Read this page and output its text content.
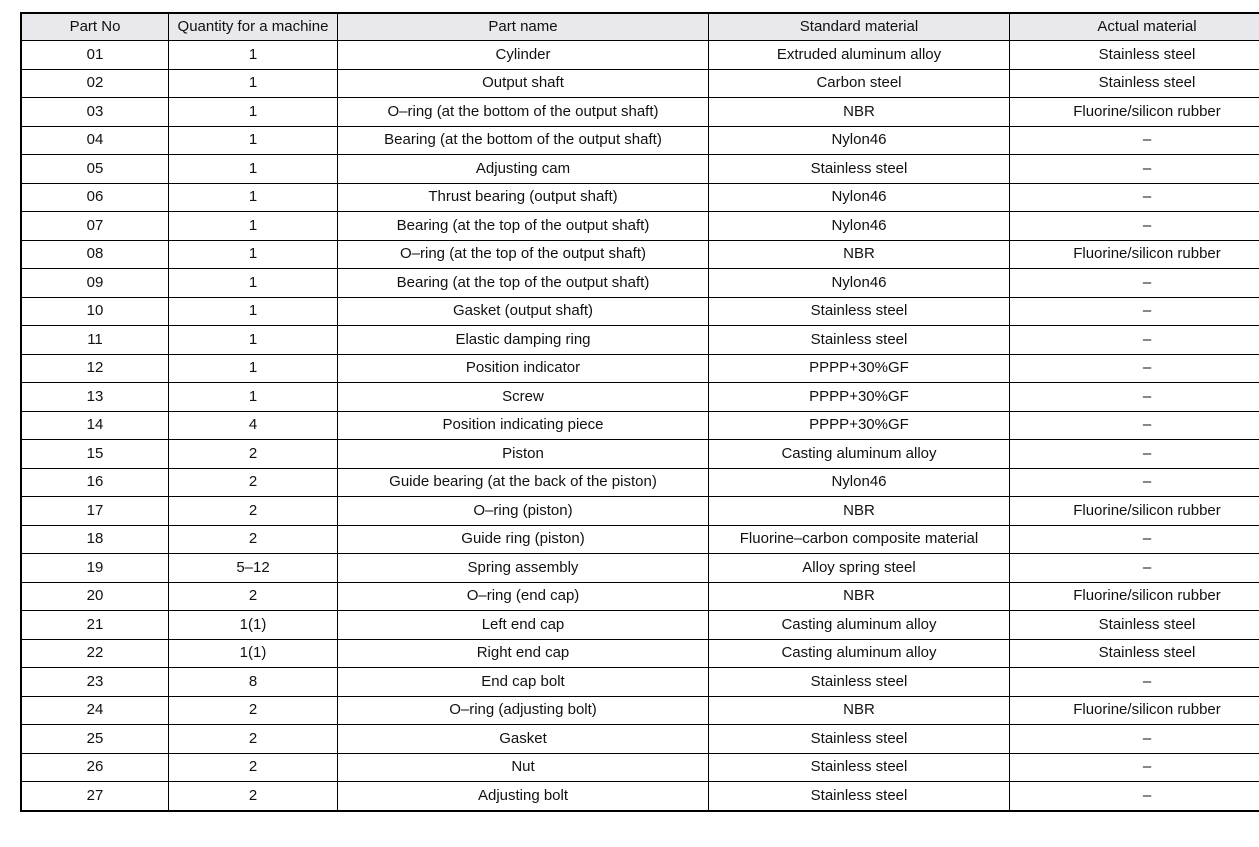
Part No	Quantity for a machine	Part name	Standard material	Actual material
01	1	Cylinder	Extruded aluminum alloy	Stainless steel
02	1	Output shaft	Carbon steel	Stainless steel
03	1	O–ring (at the bottom of the output shaft)	NBR	Fluorine/silicon rubber
04	1	Bearing (at the bottom of the output shaft)	Nylon46	–
05	1	Adjusting cam	Stainless steel	–
06	1	Thrust bearing (output shaft)	Nylon46	–
07	1	Bearing (at the top of the output shaft)	Nylon46	–
08	1	O–ring (at the top of the output shaft)	NBR	Fluorine/silicon rubber
09	1	Bearing (at the top of the output shaft)	Nylon46	–
10	1	Gasket (output shaft)	Stainless steel	–
11	1	Elastic damping ring	Stainless steel	–
12	1	Position indicator	PPPP+30%GF	–
13	1	Screw	PPPP+30%GF	–
14	4	Position indicating piece	PPPP+30%GF	–
15	2	Piston	Casting aluminum alloy	–
16	2	Guide bearing (at the back of the piston)	Nylon46	–
17	2	O–ring (piston)	NBR	Fluorine/silicon rubber
18	2	Guide ring (piston)	Fluorine–carbon composite material	–
19	5–12	Spring assembly	Alloy spring steel	–
20	2	O–ring (end cap)	NBR	Fluorine/silicon rubber
21	1(1)	Left end cap	Casting aluminum alloy	Stainless steel
22	1(1)	Right end cap	Casting aluminum alloy	Stainless steel
23	8	End cap bolt	Stainless steel	–
24	2	O–ring (adjusting bolt)	NBR	Fluorine/silicon rubber
25	2	Gasket	Stainless steel	–
26	2	Nut	Stainless steel	–
27	2	Adjusting bolt	Stainless steel	–
